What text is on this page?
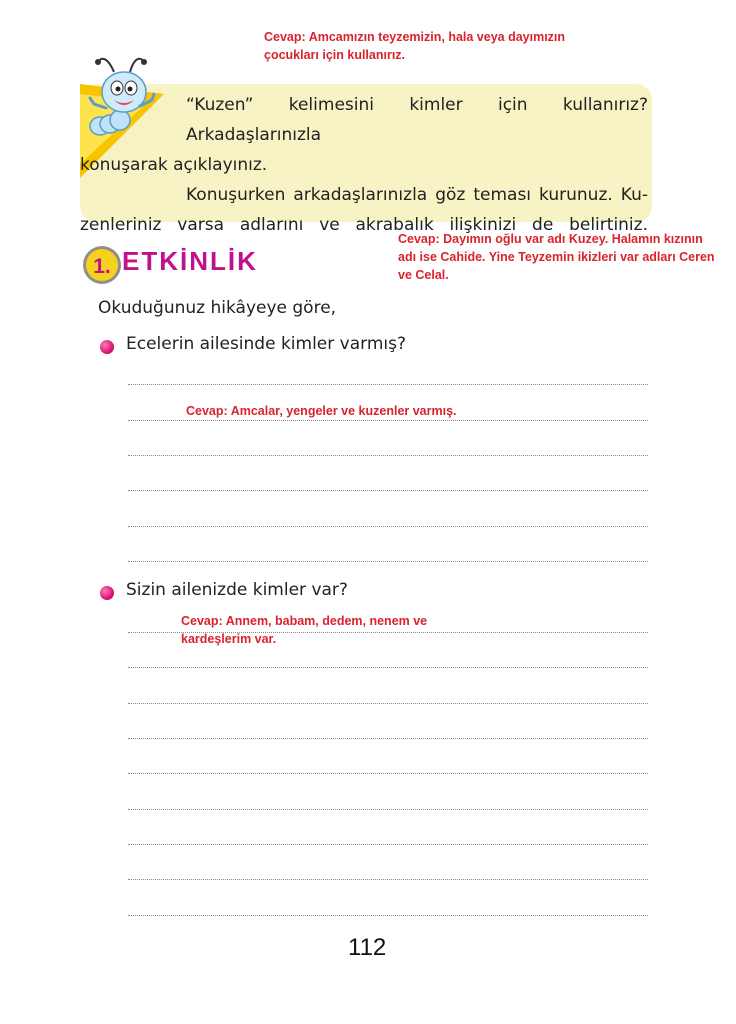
Cevap: Amcamızın teyzemizin, hala veya dayımızın çocukları için kullanırız.

“Kuzen” kelimesini kimler için kullanırız? Arkadaşlarınızla

konuşarak açıklayınız.

Konuşurken arkadaşlarınızla göz teması kurunuz. Ku-

zenleriniz varsa adlarını ve akrabalık ilişkinizi de belirtiniz.

1. ETKİNLİK
Cevap: Dayımın oğlu var adı Kuzey. Halamın kızının adı ise Cahide. Yine Teyzemin ikizleri var adları Ceren ve Celal.
Okuduğunuz hikâyeye göre,
Ecelerin ailesinde kimler varmış?
Cevap: Amcalar, yengeler ve kuzenler varmış.
Sizin ailenizde kimler var?
Cevap: Annem, babam, dedem, nenem ve kardeşlerim var.
112
